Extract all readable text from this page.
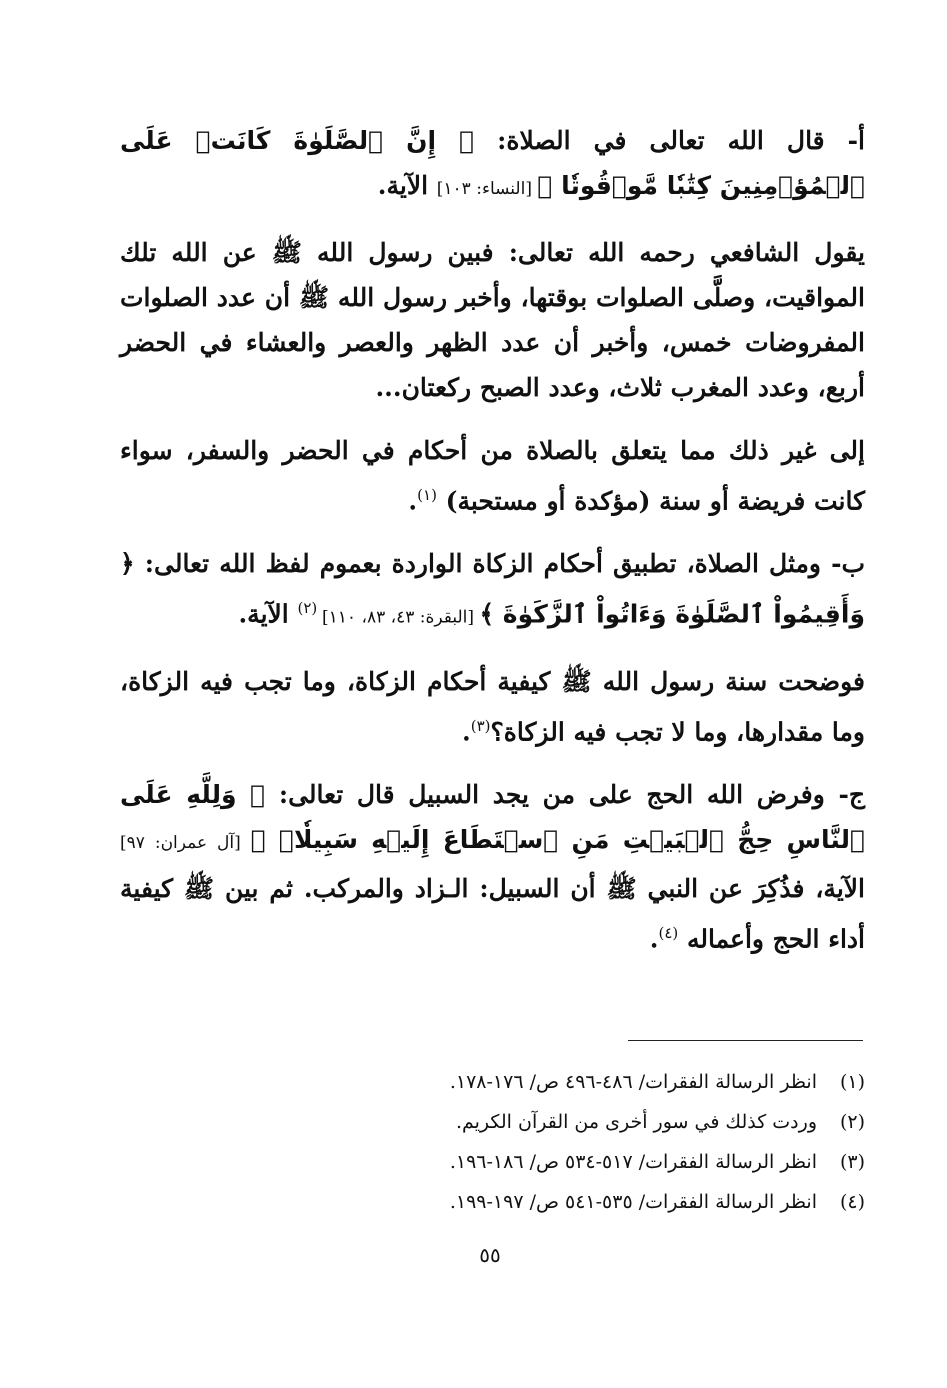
أ- قال الله تعالى في الصلاة: ﴿ إِنَّ ٱلصَّلَوٰةَ كَانَتۡ عَلَى ٱلۡمُؤۡمِنِينَ كِتَٰبٗا مَّوۡقُوتٗا ﴾ [النساء: ١٠٣] الآية.

يقول الشافعي رحمه الله تعالى: فبين رسول الله ﷺ عن الله تلك المواقيت، وصلَّى الصلوات بوقتها، وأخبر رسول الله ﷺ أن عدد الصلوات المفروضات خمس، وأخبر أن عدد الظهر والعصر والعشاء في الحضر أربع، وعدد المغرب ثلاث، وعدد الصبح ركعتان...

إلى غير ذلك مما يتعلق بالصلاة من أحكام في الحضر والسفر، سواء كانت فريضة أو سنة (مؤكدة أو مستحبة) $^{(١)}$.

ب- ومثل الصلاة، تطبيق أحكام الزكاة الواردة بعموم لفظ الله تعالى: ﴿ وَأَقِيمُواْ ٱلصَّلَوٰةَ وَءَاتُواْ ٱلزَّكَوٰةَ ﴾ [البقرة: ٤٣، ٨٣، ١١٠] $^{(٢)}$ الآية.

فوضحت سنة رسول الله ﷺ كيفية أحكام الزكاة، وما تجب فيه الزكاة، وما مقدارها، وما لا تجب فيه الزكاة؟$^{(٣)}$.

ج- وفرض الله الحج على من يجد السبيل قال تعالى: ﴿ وَلِلَّهِ عَلَى ٱلنَّاسِ حِجُّ ٱلۡبَيۡتِ مَنِ ٱسۡتَطَاعَ إِلَيۡهِ سَبِيلٗاۚ ﴾ [آل عمران: ٩٧] الآية، فذُكِرَ عن النبي ﷺ أن السبيل: الـزاد والمركب. ثم بين ﷺ كيفية أداء الحج وأعماله $^{(٤)}$.

(١)
انظر الرسالة الفقرات/ ٤٨٦-٤٩٦ ص/ ١٧٦-١٧٨.
(٢)
وردت كذلك في سور أخرى من القرآن الكريم.
(٣)
انظر الرسالة الفقرات/ ٥١٧-٥٣٤ ص/ ١٨٦-١٩٦.
(٤)
انظر الرسالة الفقرات/ ٥٣٥-٥٤١ ص/ ١٩٧-١٩٩.
٥٥
